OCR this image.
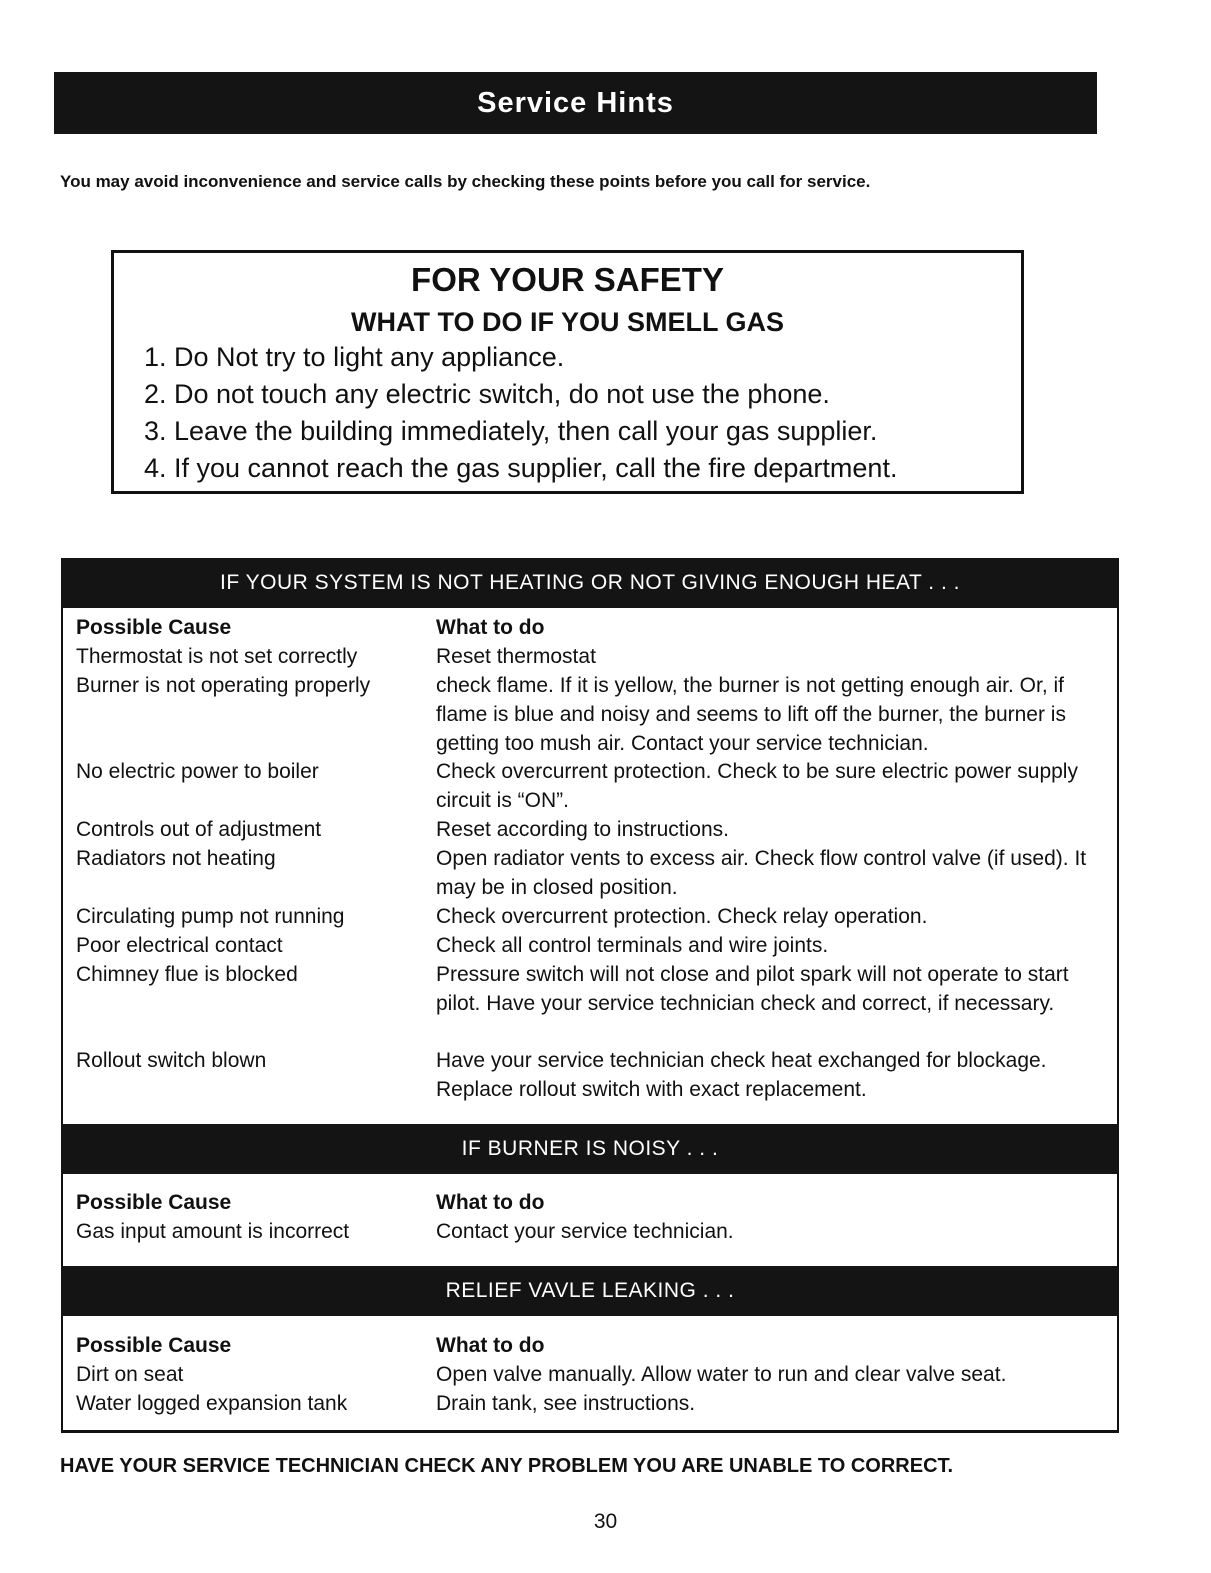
Service Hints
You may avoid inconvenience and service calls by checking these points before you call for service.
FOR YOUR SAFETY
WHAT TO DO IF YOU SMELL GAS
1. Do Not try to light any appliance.
2. Do not touch any electric switch, do not use the phone.
3. Leave the building immediately, then call your gas supplier.
4. If you cannot reach the gas supplier, call the fire department.
IF YOUR SYSTEM IS NOT HEATING OR NOT GIVING ENOUGH HEAT . . .
Possible Cause	What to do
Thermostat is not set correctly	Reset thermostat
Burner is not operating properly	check flame. If it is yellow, the burner is not getting enough air. Or, if flame is blue and noisy and seems to lift off the burner, the burner is getting too mush air. Contact your service technician.
No electric power to boiler	Check overcurrent protection. Check to be sure electric power supply circuit is “ON”.
Controls out of adjustment	Reset according to instructions.
Radiators not heating	Open radiator vents to excess air. Check flow control valve (if used). It may be in closed position.
Circulating pump not running	Check overcurrent protection. Check relay operation.
Poor electrical contact	Check all control terminals and wire joints.
Chimney flue is blocked	Pressure switch will not close and pilot spark will not operate to start pilot. Have your service technician check and correct, if necessary.
Rollout switch blown	Have your service technician check heat exchanged for blockage. Replace rollout switch with exact replacement.
IF BURNER IS NOISY . . .
Possible Cause	What to do
Gas input amount is incorrect	Contact your service technician.
RELIEF VAVLE LEAKING . . .
Possible Cause	What to do
Dirt on seat	Open valve manually. Allow water to run and clear valve seat.
Water logged expansion tank	Drain tank, see instructions.
HAVE YOUR SERVICE TECHNICIAN CHECK ANY PROBLEM YOU ARE UNABLE TO CORRECT.
30
